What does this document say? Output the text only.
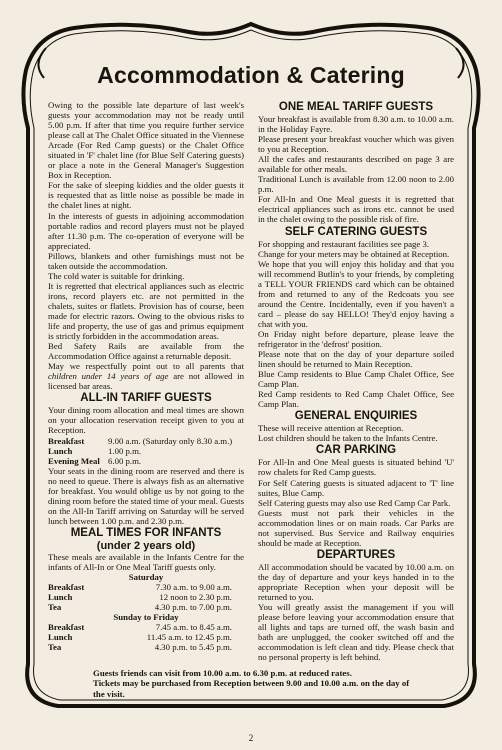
Accommodation & Catering

Owing to the possible late departure of last week's guests your accommodation may not be ready until 5.00 p.m. If after that time you require further service please call at The Chalet Office situated in the Viennese Arcade (For Red Camp guests) or the Chalet Office situated in 'F' chalet line (for Blue Self Catering guests) or place a note in the General Manager's Suggestion Box in Reception.

For the sake of sleeping kiddies and the older guests it is requested that as little noise as possible be made in the chalet lines at night.

In the interests of guests in adjoining accommodation portable radios and record players must not be played after 11.30 p.m. The co-operation of everyone will be appreciated.

Pillows, blankets and other furnishings must not be taken outside the accommodation.

The cold water is suitable for drinking.

It is regretted that electrical appliances such as electric irons, record players etc. are not permitted in the chalets, suites or flatlets. Provision has of course, been made for electric razors. Owing to the obvious risks to life and property, the use of gas and primus equipment is strictly forbidden in the accommodation areas.

Bed Safety Rails are available from the Accommodation Office against a returnable deposit.

May we respectfully point out to all parents that children under 14 years of age are not allowed in licensed bar areas.

ALL-IN TARIFF GUESTS

Your dining room allocation and meal times are shown on your allocation reservation receipt given to you at Reception.

Breakfast	9.00 a.m. (Saturday only 8.30 a.m.)
Lunch	1.00 p.m.
Evening Meal	6.00 p.m.

Your seats in the dining room are reserved and there is no need to queue. There is always fish as an alternative for breakfast. You would oblige us by not going to the dining room before the stated time of your meal. Guests on the All-In Tariff arriving on Saturday will be served lunch between 1.00 p.m. and 2.30 p.m.

MEAL TIMES FOR INFANTS

(under 2 years old)

These meals are available in the Infants Centre for the infants of All-In or One Meal Tariff guests only.

Saturday

Breakfast	7.30 a.m. to 9.00 a.m.
Lunch	12 noon to 2.30 p.m.
Tea	4.30 p.m. to 7.00 p.m.

Sunday to Friday

Breakfast	7.45 a.m. to 8.45 a.m.
Lunch	11.45 a.m. to 12.45 p.m.
Tea	4.30 p.m. to 5.45 p.m.

ONE MEAL TARIFF GUESTS

Your breakfast is available from 8.30 a.m. to 10.00 a.m. in the Holiday Fayre.

Please present your breakfast voucher which was given to you at Reception.

All the cafes and restaurants described on page 3 are available for other meals.

Traditional Lunch is available from 12.00 noon to 2.00 p.m.

For All-In and One Meal guests it is regretted that electrical appliances such as irons etc. cannot be used in the chalet owing to the possible risk of fire.

SELF CATERING GUESTS

For shopping and restaurant facilities see page 3.

Change for your meters may be obtained at Reception.

We hope that you will enjoy this holiday and that you will recommend Butlin's to your friends, by completing a TELL YOUR FRIENDS card which can be obtained from and returned to any of the Redcoats you see around the Centre. Incidentally, even if you haven't a card – please do say HELLO! They'd enjoy having a chat with you.

On Friday night before departure, please leave the refrigerator in the 'defrost' position.

Please note that on the day of your departure soiled linen should be returned to Main Reception.

Blue Camp residents to Blue Camp Chalet Office, See Camp Plan.

Red Camp residents to Red Camp Chalet Office, See Camp Plan.

GENERAL ENQUIRIES

These will receive attention at Reception.

Lost children should be taken to the Infants Centre.

CAR PARKING

For All-In and One Meal guests is situated behind 'U' row chalets for Red Camp guests.

For Self Catering guests is situated adjacent to 'T' line suites, Blue Camp.

Self Catering guests may also use Red Camp Car Park.

Guests must not park their vehicles in the accommodation lines or on main roads. Car Parks are not supervised. Bus Service and Railway enquiries should be made at Reception.

DEPARTURES

All accommodation should be vacated by 10.00 a.m. on the day of departure and your keys handed in to the appropriate Reception when your deposit will be returned to you.

You will greatly assist the management if you will please before leaving your accommodation ensure that all lights and taps are turned off, the wash basin and bath are unplugged, the cooker switched off and the accommodation is left clean and tidy. Please check that no personal property is left behind.

Guests friends can visit from 10.00 a.m. to 6.30 p.m. at reduced rates.

Tickets may be purchased from Reception between 9.00 and 10.00 a.m. on the day of the visit.

2
